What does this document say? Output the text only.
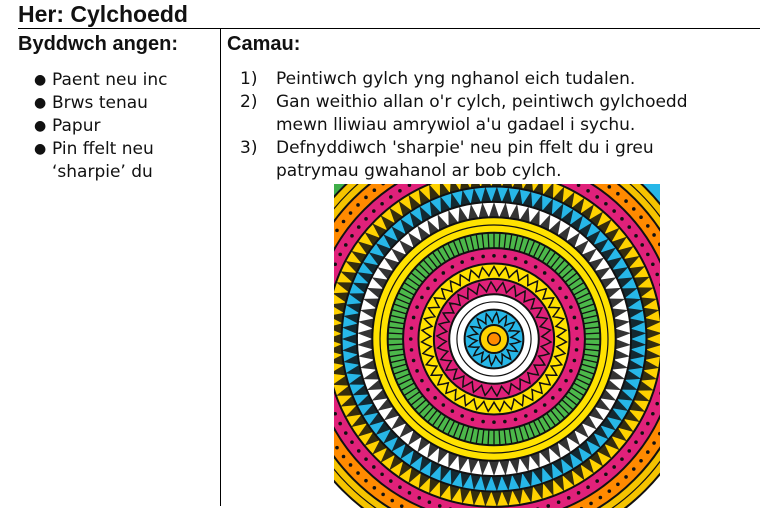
Her: Cylchoedd
Byddwch angen: Camau:
● Paent neu inc
● Brws tenau
● Papur
● Pin ffelt neu
‘sharpie’ du
1)	Peintiwch gylch yng nghanol eich tudalen.
2)	Gan weithio allan o'r cylch, peintiwch gylchoedd
mewn lliwiau amrywiol a'u gadael i sychu.
3)	Defnyddiwch 'sharpie' neu pin ffelt du i greu
patrymau gwahanol ar bob cylch.
